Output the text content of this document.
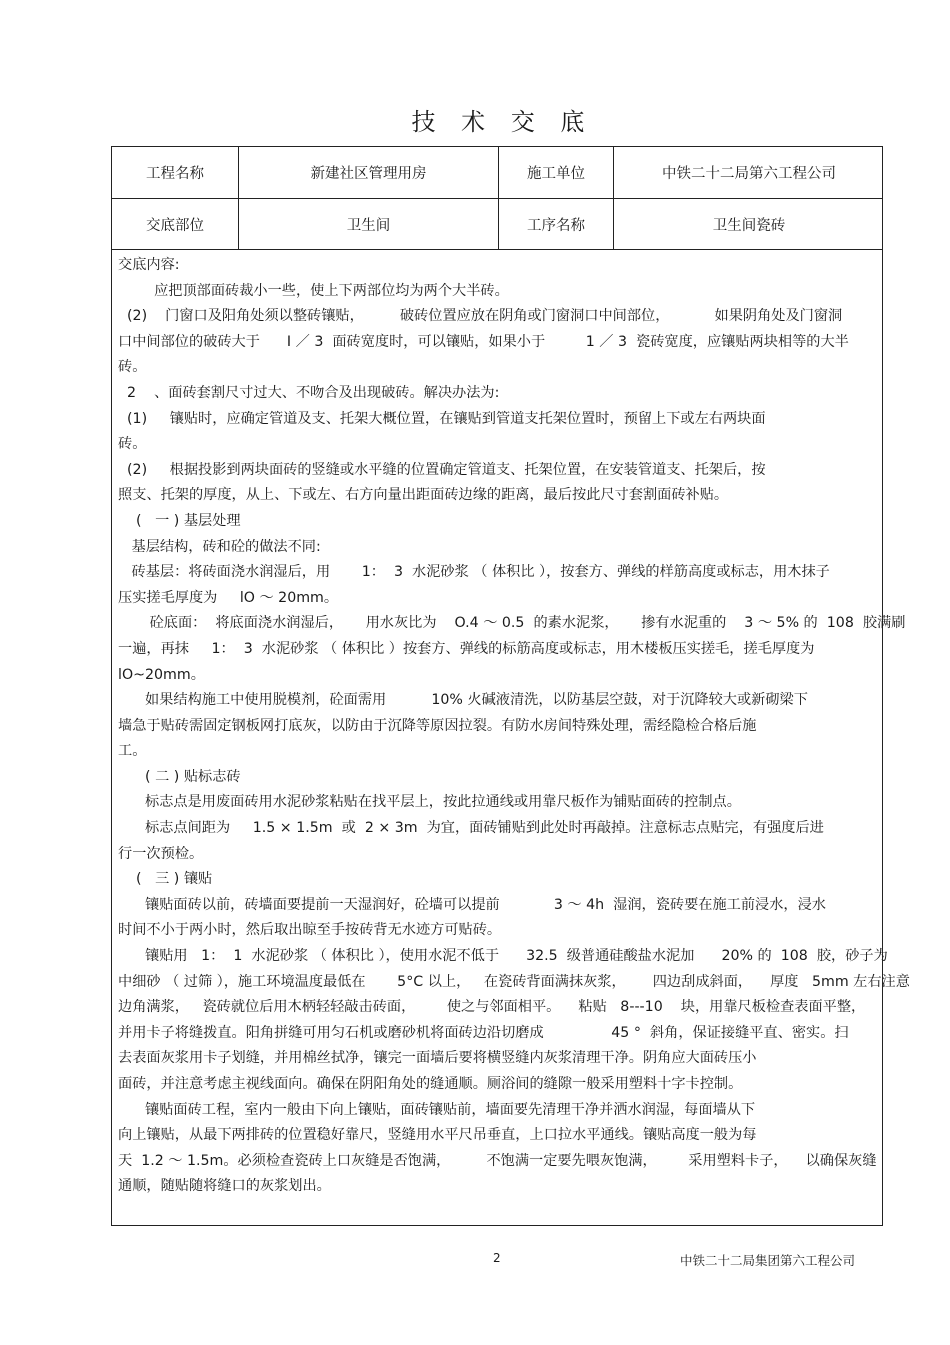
技 术 交 底
工程名称	新建社区管理用房	施工单位	中铁二十二局第六工程公司
交底部位	卫生间	工序名称	卫生间瓷砖

交底内容:

应把顶部面砖裁小一些，使上下两部位均为两个大半砖。

(2)    门窗口及阳角处须以整砖镶贴，        破砖位置应放在阴角或门窗洞口中间部位，          如果阴角处及门窗洞

口中间部位的破砖大于      I ／ 3  面砖宽度时，可以镶贴，如果小于         1 ／ 3  瓷砖宽度，应镶贴两块相等的大半

砖。

2    、面砖套割尺寸过大、不吻合及出现破砖。解决办法为:

(1)     镶贴时，应确定管道及支、托架大概位置，在镶贴到管道支托架位置时，预留上下或左右两块面

砖。

(2)     根据投影到两块面砖的竖缝或水平缝的位置确定管道支、托架位置，在安装管道支、托架后，按

照支、托架的厚度，从上、下或左、右方向量出距面砖边缘的距离，最后按此尺寸套割面砖补贴。

(   一 ) 基层处理

基层结构，砖和砼的做法不同:

砖基层：将砖面浇水润湿后，用       1：  3  水泥砂浆 （ 体积比 ），按套方、弹线的样筋高度或标志，用木抹子

压实搓毛厚度为     lO ～ 20mm。

砼底面：  将底面浇水润湿后，     用水灰比为    O.4 ～ 0.5  的素水泥浆，     掺有水泥重的    3 ～ 5% 的  108  胶满刷

一遍，再抹     1：  3  水泥砂浆 （ 体积比 ）按套方、弹线的标筋高度或标志，用木楼板压实搓毛，搓毛厚度为

lO~20mm。

如果结构施工中使用脱模剂，砼面需用          10% 火碱液清洗，以防基层空鼓，对于沉降较大或新砌梁下

墙急于贴砖需固定钢板网打底灰，以防由于沉降等原因拉裂。有防水房间特殊处理，需经隐检合格后施

工。

( 二 ) 贴标志砖

标志点是用废面砖用水泥砂浆粘贴在找平层上，按此拉通线或用靠尺板作为铺贴面砖的控制点。

标志点间距为     1.5 × 1.5m  或  2 × 3m  为宜，面砖铺贴到此处时再敲掉。注意标志点贴完，有强度后进

行一次预检。

(   三 ) 镶贴

镶贴面砖以前，砖墙面要提前一天湿润好，砼墙可以提前            3 ～ 4h  湿润，瓷砖要在施工前浸水，浸水

时间不小于两小时，然后取出晾至手按砖背无水迹方可贴砖。

镶贴用   1：  1  水泥砂浆 （ 体积比 ），使用水泥不低于      32.5  级普通硅酸盐水泥加      20% 的  108  胶，砂子为

中细砂 （ 过筛 ），施工环境温度最低在       5°C 以上，   在瓷砖背面满抹灰浆，      四边刮成斜面，    厚度   5mm 左右注意

边角满浆，   瓷砖就位后用木柄轻轻敲击砖面，       使之与邻面相平。    粘贴   8---10    块，用靠尺板检查表面平整，

并用卡子将缝拨直。阳角拼缝可用匀石机或磨砂机将面砖边沿切磨成               45 °  斜角，保证接缝平直、密实。扫

去表面灰浆用卡子划缝，并用棉丝拭净，镶完一面墙后要将横竖缝内灰浆清理干净。阴角应大面砖压小

面砖，并注意考虑主视线面向。确保在阴阳角处的缝通顺。厕浴间的缝隙一般采用塑料十字卡控制。

镶贴面砖工程，室内一般由下向上镶贴，面砖镶贴前，墙面要先清理干净并洒水润湿，每面墙从下

向上镶贴，从最下两排砖的位置稳好靠尺，竖缝用水平尺吊垂直，上口拉水平通线。镶贴高度一般为每

天  1.2 ～ 1.5m。必须检查瓷砖上口灰缝是否饱满，        不饱满一定要先喂灰饱满，       采用塑料卡子，    以确保灰缝

通顺，随贴随将缝口的灰浆划出。

2	中铁二十二局集团第六工程公司
